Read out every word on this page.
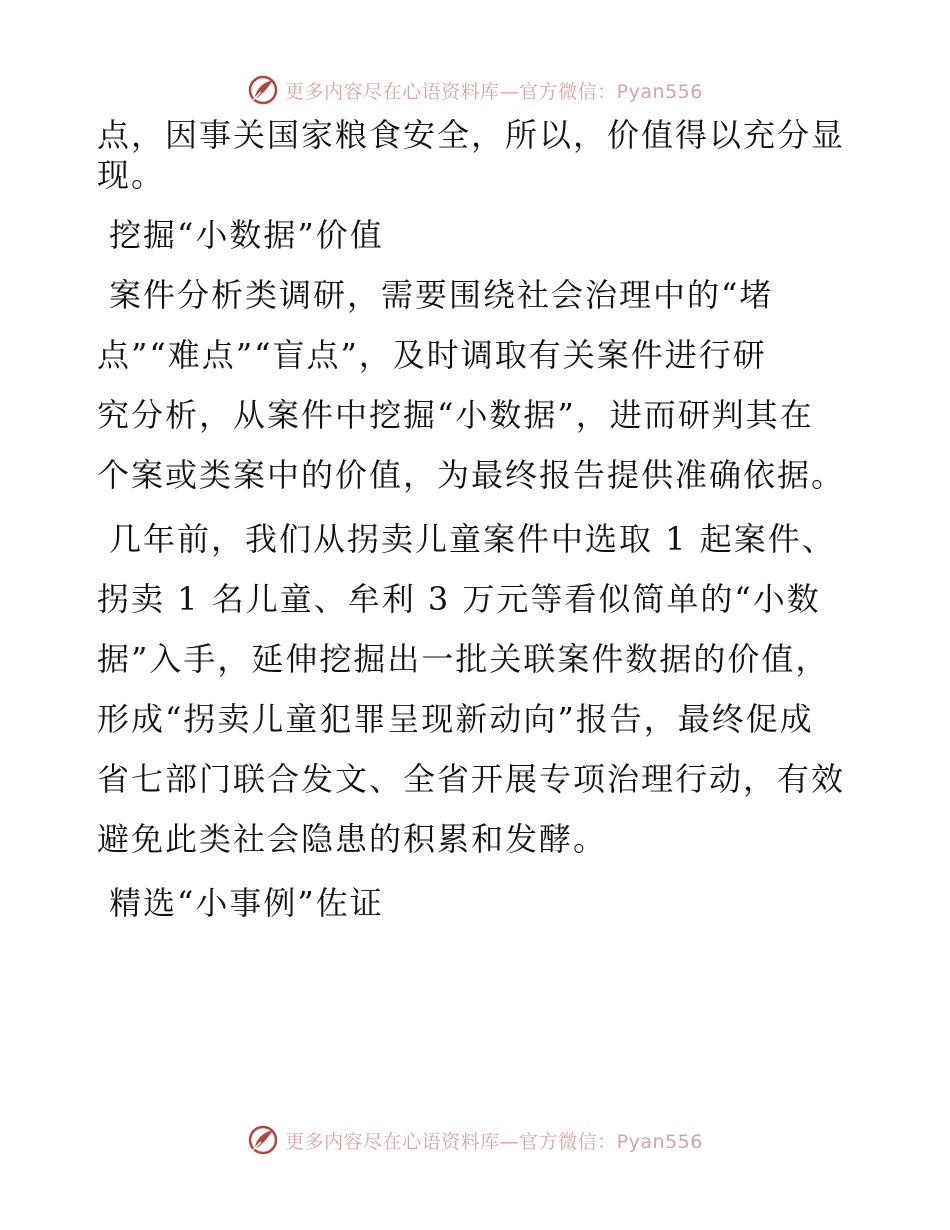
更多内容尽在心语资料库—官方微信：Pyan556
点，因事关国家粮食安全，所以，价值得以充分显
现。
挖掘“小数据”价值
案件分析类调研，需要围绕社会治理中的“堵
点”“难点”“盲点”，及时调取有关案件进行研
究分析，从案件中挖掘“小数据”，进而研判其在
个案或类案中的价值，为最终报告提供准确依据。
几年前，我们从拐卖儿童案件中选取 1 起案件、
拐卖 1 名儿童、牟利 3 万元等看似简单的“小数
据”入手，延伸挖掘出一批关联案件数据的价值，
形成“拐卖儿童犯罪呈现新动向”报告，最终促成
省七部门联合发文、全省开展专项治理行动，有效
避免此类社会隐患的积累和发酵。
精选“小事例”佐证
更多内容尽在心语资料库—官方微信：Pyan556
